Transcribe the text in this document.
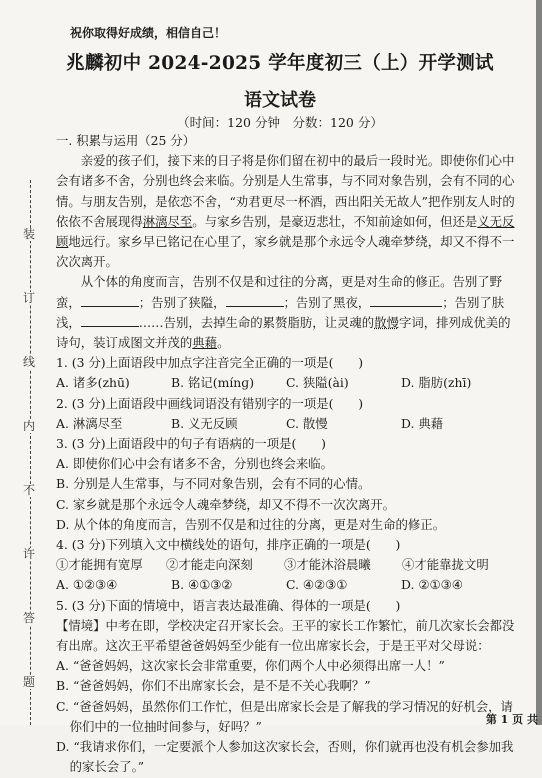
装
订
线
内
不
许
答
题
祝你取得好成绩，相信自己！
兆麟初中 2024-2025 学年度初三（上）开学测试
语文试卷
（时间：120 分钟　分数：120 分）

一. 积累与运用（25 分）

亲爱的孩子们，接下来的日子将是你们留在初中的最后一段时光。即使你们心中会有诸多不舍，分别也终会来临。分别是人生常事，与不同对象告别，会有不同的心情。与朋友告别，是依恋不舍，“劝君更尽一杯酒，西出阳关无故人”把作别友人时的依依不舍展现得淋漓尽至。与家乡告别，是豪迈悲壮，不知前途如何，但还是义无反顾地远行。家乡早已铭记在心里了，家乡就是那个永远令人魂牵梦绕，却又不得不一次次离开。

从个体的角度而言，告别不仅是和过往的分离，更是对生命的修正。告别了野蛮，	；告别了狭隘，	；告别了黑夜，	；告别了肤浅，	……告别，去掉生命的累赘脂肪，让灵魂的散慢字词，排列成优美的诗句，装订成图文并茂的典藉。

1. (3 分)上面语段中加点字注音完全正确的一项是(　　)

A. 诸多(zhū)	B. 铭记(mínɡ)	C. 狭隘(ài)	D. 脂肪(zhī)

2. (3 分)上面语段中画线词语没有错别字的一项是(　　)

A. 淋漓尽至	B. 义无反顾	C. 散慢	D. 典藉

3. (3 分)上面语段中的句子有语病的一项是(　　)

A. 即使你们心中会有诸多不舍，分别也终会来临。

B. 分别是人生常事，与不同对象告别，会有不同的心情。

C. 家乡就是那个永远令人魂牵梦绕，却又不得不一次次离开。

D. 从个体的角度而言，告别不仅是和过往的分离，更是对生命的修正。

4. (3 分)下列填入文中横线处的语句，排序正确的一项是(　　)

①才能拥有宽厚	②才能走向深刻	③才能沐浴晨曦	④才能靠拢文明
A. ①②③④	B. ④①③②	C. ④②③①	D. ②①③④

5. (3 分)下面的情境中，语言表达最准确、得体的一项是(　　)

【情境】中考在即，学校决定召开家长会。王平的家长工作繁忙，前几次家长会都没有出席。这次王平希望爸爸妈妈至少能有一位出席家长会，于是王平对父母说：

A. “爸爸妈妈，这次家长会非常重要，你们两个人中必须得出席一人！”

B. “爸爸妈妈，你们不出席家长会，是不是不关心我啊？”

C. “爸爸妈妈，虽然你们工作忙，但是出席家长会是了解我的学习情况的好机会，请你们中的一位抽时间参与，好吗？”

D. “我请求你们，一定要派个人参加这次家长会，否则，你们就再也没有机会参加我的家长会了。”

第 1 页 共
